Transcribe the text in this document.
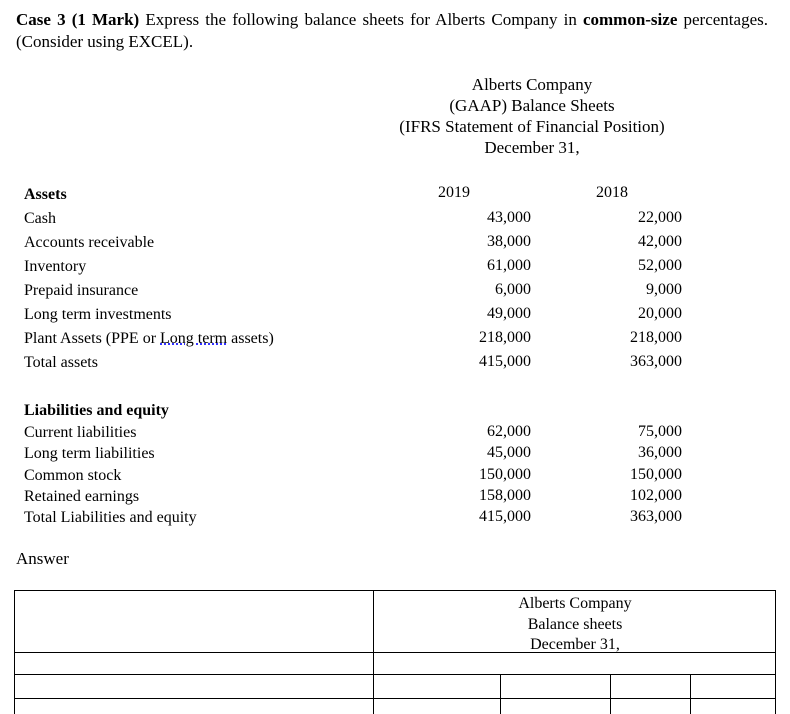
Case 3 (1 Mark) Express the following balance sheets for Alberts Company in common-size percentages. (Consider using EXCEL).
Alberts Company
(GAAP) Balance Sheets
(IFRS Statement of Financial Position)
December 31,
Assets	2019	2018
Cash	43,000	22,000
Accounts receivable	38,000	42,000
Inventory	61,000	52,000
Prepaid insurance	6,000	9,000
Long term investments	49,000	20,000
Plant Assets (PPE or Long term assets)	218,000	218,000
Total assets	415,000	363,000
Liabilities and equity
Current liabilities	62,000	75,000
Long term liabilities	45,000	36,000
Common stock	150,000	150,000
Retained earnings	158,000	102,000
Total Liabilities and equity	415,000	363,000
Answer
Alberts Company
Balance sheets
December 31,
